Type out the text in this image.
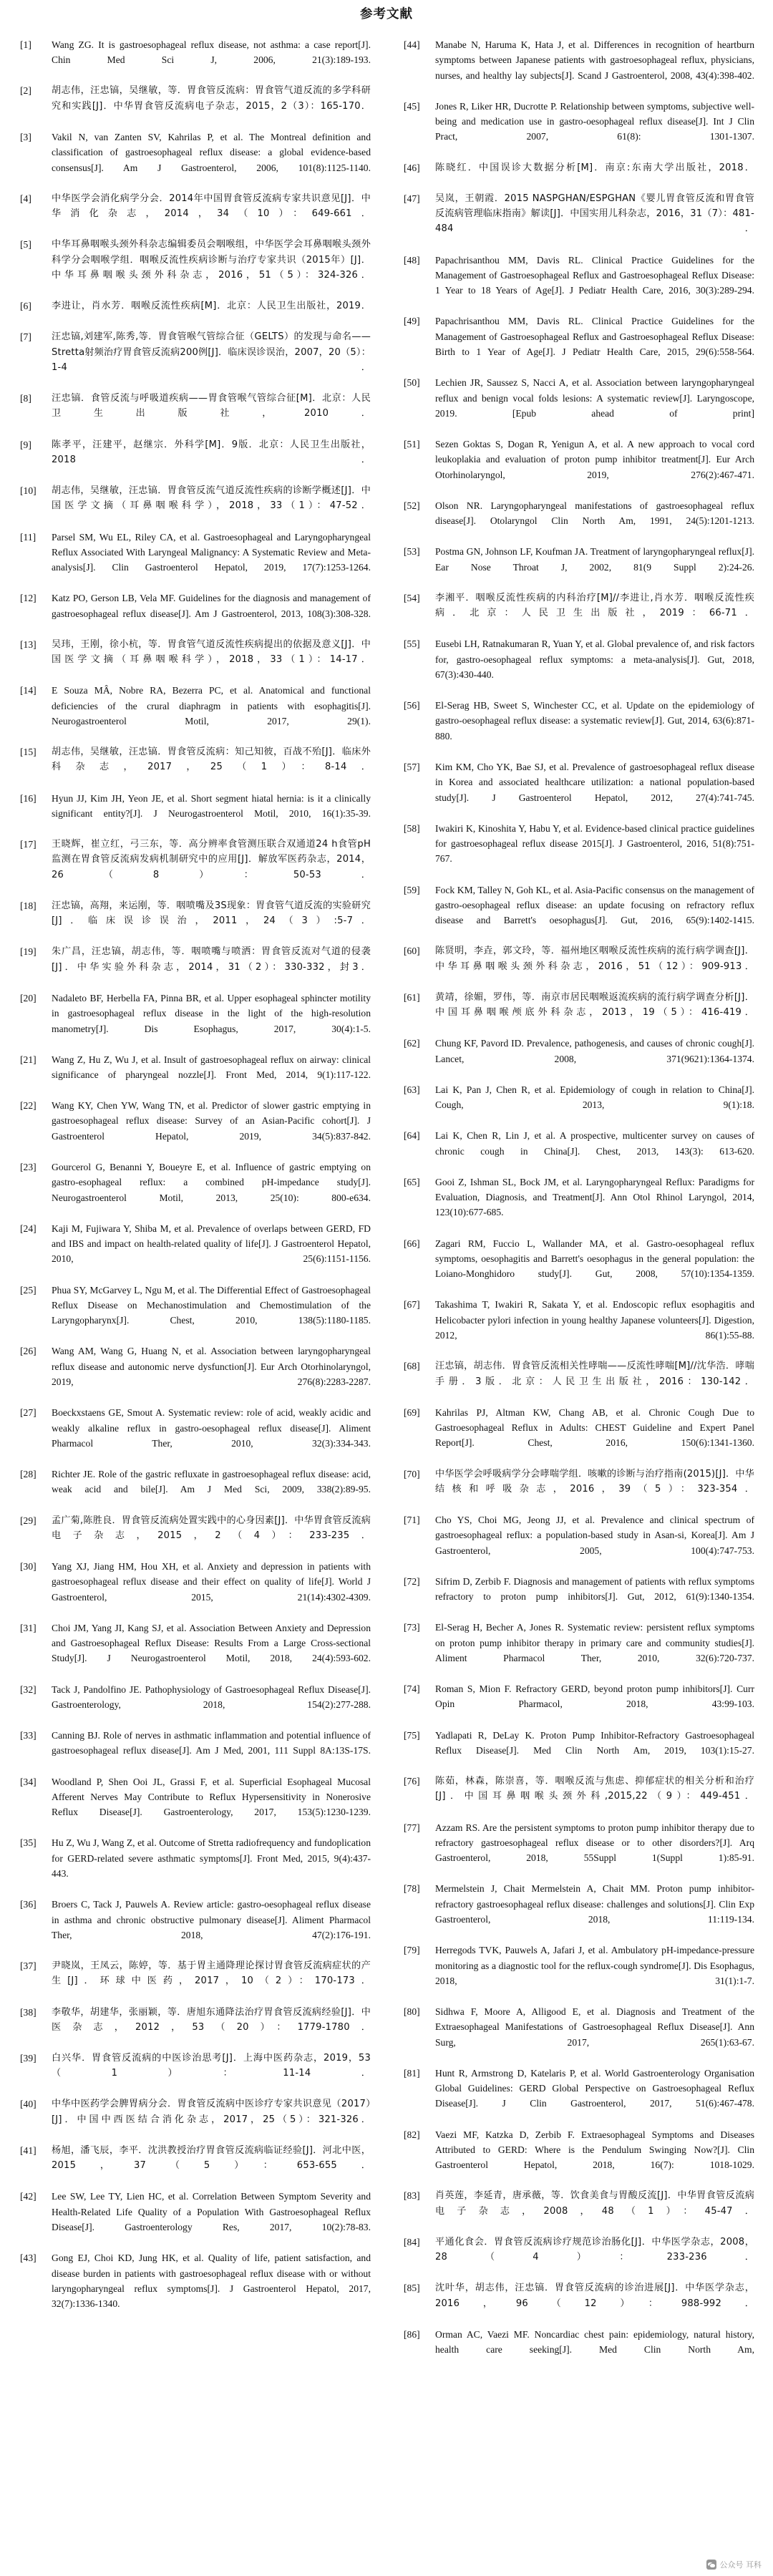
参考文献
[1]	Wang ZG. It is gastroesophageal reflux disease, not asthma: a case report[J]. Chin Med Sci J, 2006, 21(3):189-193.
[2]	胡志伟，汪忠镐，吴继敏，等．胃食管反流病：胃食管气道反流的多学科研究和实践[J]．中华胃食管反流病电子杂志，2015，2（3）：165-170．
[3]	Vakil N, van Zanten SV, Kahrilas P, et al. The Montreal definition and classification of gastroesophageal reflux disease: a global evidence-based consensus[J]. Am J Gastroenterol, 2006, 101(8):1125-1140.
[4]	中华医学会消化病学分会．2014年中国胃食管反流病专家共识意见[J]．中华消化杂志，2014，34（10）：649-661．
[5]	中华耳鼻咽喉头颈外科杂志编辑委员会咽喉组，中华医学会耳鼻咽喉头颈外科学分会咽喉学组．咽喉反流性疾病诊断与治疗专家共识（2015年）[J]．中华耳鼻咽喉头颈外科杂志，2016，51（5）：324-326．
[6]	李进让，肖水芳．咽喉反流性疾病[M]．北京：人民卫生出版社，2019．
[7]	汪忠镐,刘建军,陈秀,等．胃食管喉气管综合征（GELTS）的发现与命名——Stretta射频治疗胃食管反流病200例[J]．临床误诊误治，2007，20（5）：1-4．
[8]	汪忠镐．食管反流与呼吸道疾病——胃食管喉气管综合征[M]．北京：人民卫生出版社，2010．
[9]	陈孝平，汪建平，赵继宗．外科学[M]．9版．北京：人民卫生出版社，2018．
[10]	胡志伟，吴继敏，汪忠镐．胃食管反流气道反流性疾病的诊断学概述[J]．中国医学文摘（耳鼻咽喉科学），2018，33（1）：47-52．
[11]	Parsel SM, Wu EL, Riley CA, et al. Gastroesophageal and Laryngopharyngeal Reflux Associated With Laryngeal Malignancy: A Systematic Review and Meta-analysis[J]. Clin Gastroenterol Hepatol, 2019, 17(7):1253-1264.
[12]	Katz PO, Gerson LB, Vela MF. Guidelines for the diagnosis and management of gastroesophageal reflux disease[J]. Am J Gastroenterol, 2013, 108(3):308-328.
[13]	吴玮，王刚，徐小杭，等．胃食管气道反流性疾病提出的依据及意义[J]．中国医学文摘（耳鼻咽喉科学），2018，33（1）：14-17．
[14]	E Souza MÂ, Nobre RA, Bezerra PC, et al. Anatomical and functional deficiencies of the crural diaphragm in patients with esophagitis[J]. Neurogastroenterol Motil, 2017, 29(1).
[15]	胡志伟，吴继敏，汪忠镐．胃食管反流病：知己知彼，百战不殆[J]．临床外科杂志，2017，25（1）：8-14．
[16]	Hyun JJ, Kim JH, Yeon JE, et al. Short segment hiatal hernia: is it a clinically significant entity?[J]. J Neurogastroenterol Motil, 2010, 16(1):35-39.
[17]	王晓辉，崔立红，弓三东，等．高分辨率食管测压联合双通道24 h食管pH监测在胃食管反流病发病机制研究中的应用[J]．解放军医药杂志，2014，26（8）：50-53．
[18]	汪忠镐，高翔，来运刚，等．咽喷嘴及3S现象：胃食管气道反流的实验研究[J]．临床误诊误治，2011，24（3）:5-7．
[19]	朱广昌，汪忠镐，胡志伟，等．咽喷嘴与喷洒：胃食管反流对气道的侵袭[J]．中华实验外科杂志，2014，31（2）：330-332，封3．
[20]	Nadaleto BF, Herbella FA, Pinna BR, et al. Upper esophageal sphincter motility in gastroesophageal reflux disease in the light of the high-resolution manometry[J]. Dis Esophagus, 2017, 30(4):1-5.
[21]	Wang Z, Hu Z, Wu J, et al. Insult of gastroesophageal reflux on airway: clinical significance of pharyngeal nozzle[J]. Front Med, 2014, 9(1):117-122.
[22]	Wang KY, Chen YW, Wang TN, et al. Predictor of slower gastric emptying in gastroesophageal reflux disease: Survey of an Asian-Pacific cohort[J]. J Gastroenterol Hepatol, 2019, 34(5):837-842.
[23]	Gourcerol G, Benanni Y, Boueyre E, et al. Influence of gastric emptying on gastro-esophageal reflux: a combined pH-impedance study[J]. Neurogastroenterol Motil, 2013, 25(10): 800-e634.
[24]	Kaji M, Fujiwara Y, Shiba M, et al. Prevalence of overlaps between GERD, FD and IBS and impact on health-related quality of life[J]. J Gastroenterol Hepatol, 2010, 25(6):1151-1156.
[25]	Phua SY, McGarvey L, Ngu M, et al. The Differential Effect of Gastroesophageal Reflux Disease on Mechanostimulation and Chemostimulation of the Laryngopharynx[J]. Chest, 2010, 138(5):1180-1185.
[26]	Wang AM, Wang G, Huang N, et al. Association between laryngopharyngeal reflux disease and autonomic nerve dysfunction[J]. Eur Arch Otorhinolaryngol, 2019, 276(8):2283-2287.
[27]	Boeckxstaens GE, Smout A. Systematic review: role of acid, weakly acidic and weakly alkaline reflux in gastro-oesophageal reflux disease[J]. Aliment Pharmacol Ther, 2010, 32(3):334-343.
[28]	Richter JE. Role of the gastric refluxate in gastroesophageal reflux disease: acid, weak acid and bile[J]. Am J Med Sci, 2009, 338(2):89-95.
[29]	孟广菊,陈胜良．胃食管反流病处置实践中的心身因素[J]．中华胃食管反流病电子杂志，2015，2（4）：233-235．
[30]	Yang XJ, Jiang HM, Hou XH, et al. Anxiety and depression in patients with gastroesophageal reflux disease and their effect on quality of life[J]. World J Gastroenterol, 2015, 21(14):4302-4309.
[31]	Choi JM, Yang JI, Kang SJ, et al. Association Between Anxiety and Depression and Gastroesophageal Reflux Disease: Results From a Large Cross-sectional Study[J]. J Neurogastroenterol Motil, 2018, 24(4):593-602.
[32]	Tack J, Pandolfino JE. Pathophysiology of Gastroesophageal Reflux Disease[J]. Gastroenterology, 2018, 154(2):277-288.
[33]	Canning BJ. Role of nerves in asthmatic inflammation and potential influence of gastroesophageal reflux disease[J]. Am J Med, 2001, 111 Suppl 8A:13S-17S.
[34]	Woodland P, Shen Ooi JL, Grassi F, et al. Superficial Esophageal Mucosal Afferent Nerves May Contribute to Reflux Hypersensitivity in Nonerosive Reflux Disease[J]. Gastroenterology, 2017, 153(5):1230-1239.
[35]	Hu Z, Wu J, Wang Z, et al. Outcome of Stretta radiofrequency and fundoplication for GERD-related severe asthmatic symptoms[J]. Front Med, 2015, 9(4):437-443.
[36]	Broers C, Tack J, Pauwels A. Review article: gastro-oesophageal reflux disease in asthma and chronic obstructive pulmonary disease[J]. Aliment Pharmacol Ther, 2018, 47(2):176-191.
[37]	尹晓岚，王凤云，陈婷，等．基于胃主通降理论探讨胃食管反流病症状的产生[J]．环球中医药，2017，10（2）：170-173．
[38]	李敬华，胡建华，张丽颖，等．唐旭东通降法治疗胃食管反流病经验[J]．中医杂志，2012，53（20）：1779-1780．
[39]	白兴华．胃食管反流病的中医诊治思考[J]．上海中医药杂志，2019，53（1）：11-14．
[40]	中华中医药学会脾胃病分会．胃食管反流病中医诊疗专家共识意见（2017）[J]．中国中西医结合消化杂志，2017，25（5）：321-326．
[41]	杨旭，潘飞辰，李平．沈洪教授治疗胃食管反流病临证经验[J]．河北中医，2015，37（5）：653-655．
[42]	Lee SW, Lee TY, Lien HC, et al. Correlation Between Symptom Severity and Health-Related Life Quality of a Population With Gastroesophageal Reflux Disease[J]. Gastroenterology Res, 2017, 10(2):78-83.
[43]	Gong EJ, Choi KD, Jung HK, et al. Quality of life, patient satisfaction, and disease burden in patients with gastroesophageal reflux disease with or without laryngopharyngeal reflux symptoms[J]. J Gastroenterol Hepatol, 2017, 32(7):1336-1340.
[44]	Manabe N, Haruma K, Hata J, et al. Differences in recognition of heartburn symptoms between Japanese patients with gastroesophageal reflux, physicians, nurses, and healthy lay subjects[J]. Scand J Gastroenterol, 2008, 43(4):398-402.
[45]	Jones R, Liker HR, Ducrotte P. Relationship between symptoms, subjective well-being and medication use in gastro-oesophageal reflux disease[J]. Int J Clin Pract, 2007, 61(8): 1301-1307.
[46]	陈晓红．中国误诊大数据分析[M]．南京:东南大学出版社，2018．
[47]	吴岚，王朝霞．2015 NASPGHAN/ESPGHAN《婴儿胃食管反流和胃食管反流病管理临床指南》解读[J]．中国实用儿科杂志，2016，31（7）：481-484．
[48]	Papachrisanthou MM, Davis RL. Clinical Practice Guidelines for the Management of Gastroesophageal Reflux and Gastroesophageal Reflux Disease: 1 Year to 18 Years of Age[J]. J Pediatr Health Care, 2016, 30(3):289-294.
[49]	Papachrisanthou MM, Davis RL. Clinical Practice Guidelines for the Management of Gastroesophageal Reflux and Gastroesophageal Reflux Disease: Birth to 1 Year of Age[J]. J Pediatr Health Care, 2015, 29(6):558-564.
[50]	Lechien JR, Saussez S, Nacci A, et al. Association between laryngopharyngeal reflux and benign vocal folds lesions: A systematic review[J]. Laryngoscope, 2019. [Epub ahead of print]
[51]	Sezen Goktas S, Dogan R, Yenigun A, et al. A new approach to vocal cord leukoplakia and evaluation of proton pump inhibitor treatment[J]. Eur Arch Otorhinolaryngol, 2019, 276(2):467-471.
[52]	Olson NR. Laryngopharyngeal manifestations of gastroesophageal reflux disease[J]. Otolaryngol Clin North Am, 1991, 24(5):1201-1213.
[53]	Postma GN, Johnson LF, Koufman JA. Treatment of laryngopharyngeal reflux[J]. Ear Nose Throat J, 2002, 81(9 Suppl 2):24-26.
[54]	李湘平．咽喉反流性疾病的内科治疗[M]//李进让,肖水芳．咽喉反流性疾病．北京：人民卫生出版社，2019：66-71．
[55]	Eusebi LH, Ratnakumaran R, Yuan Y, et al. Global prevalence of, and risk factors for, gastro-oesophageal reflux symptoms: a meta-analysis[J]. Gut, 2018, 67(3):430-440.
[56]	El-Serag HB, Sweet S, Winchester CC, et al. Update on the epidemiology of gastro-oesophageal reflux disease: a systematic review[J]. Gut, 2014, 63(6):871-880.
[57]	Kim KM, Cho YK, Bae SJ, et al. Prevalence of gastroesophageal reflux disease in Korea and associated healthcare utilization: a national population-based study[J]. J Gastroenterol Hepatol, 2012, 27(4):741-745.
[58]	Iwakiri K, Kinoshita Y, Habu Y, et al. Evidence-based clinical practice guidelines for gastroesophageal reflux disease 2015[J]. J Gastroenterol, 2016, 51(8):751-767.
[59]	Fock KM, Talley N, Goh KL, et al. Asia-Pacific consensus on the management of gastro-oesophageal reflux disease: an update focusing on refractory reflux disease and Barrett's oesophagus[J]. Gut, 2016, 65(9):1402-1415.
[60]	陈贤明，李垚，郭文玲，等．福州地区咽喉反流性疾病的流行病学调查[J]．中华耳鼻咽喉头颈外科杂志，2016，51（12）：909-913．
[61]	黄靖，徐媚，罗伟，等．南京市居民咽喉返流疾病的流行病学调查分析[J]．中国耳鼻咽喉颅底外科杂志，2013，19（5）：416-419．
[62]	Chung KF, Pavord ID. Prevalence, pathogenesis, and causes of chronic cough[J]. Lancet, 2008, 371(9621):1364-1374.
[63]	Lai K, Pan J, Chen R, et al. Epidemiology of cough in relation to China[J]. Cough, 2013, 9(1):18.
[64]	Lai K, Chen R, Lin J, et al. A prospective, multicenter survey on causes of chronic cough in China[J]. Chest, 2013, 143(3): 613-620.
[65]	Gooi Z, Ishman SL, Bock JM, et al. Laryngopharyngeal Reflux: Paradigms for Evaluation, Diagnosis, and Treatment[J]. Ann Otol Rhinol Laryngol, 2014, 123(10):677-685.
[66]	Zagari RM, Fuccio L, Wallander MA, et al. Gastro-oesophageal reflux symptoms, oesophagitis and Barrett's oesophagus in the general population: the Loiano-Monghidoro study[J]. Gut, 2008, 57(10):1354-1359.
[67]	Takashima T, Iwakiri R, Sakata Y, et al. Endoscopic reflux esophagitis and Helicobacter pylori infection in young healthy Japanese volunteers[J]. Digestion, 2012, 86(1):55-88.
[68]	汪忠镐，胡志伟．胃食管反流相关性哮喘——反流性哮喘[M]//沈华浩．哮喘手册．3版．北京：人民卫生出版社，2016：130-142．
[69]	Kahrilas PJ, Altman KW, Chang AB, et al. Chronic Cough Due to Gastroesophageal Reflux in Adults: CHEST Guideline and Expert Panel Report[J]. Chest, 2016, 150(6):1341-1360.
[70]	中华医学会呼吸病学分会哮喘学组．咳嗽的诊断与治疗指南(2015)[J]．中华结核和呼吸杂志，2016，39（5）：323-354．
[71]	Cho YS, Choi MG, Jeong JJ, et al. Prevalence and clinical spectrum of gastroesophageal reflux: a population-based study in Asan-si, Korea[J]. Am J Gastroenterol, 2005, 100(4):747-753.
[72]	Sifrim D, Zerbib F. Diagnosis and management of patients with reflux symptoms refractory to proton pump inhibitors[J]. Gut, 2012, 61(9):1340-1354.
[73]	El-Serag H, Becher A, Jones R. Systematic review: persistent reflux symptoms on proton pump inhibitor therapy in primary care and community studies[J]. Aliment Pharmacol Ther, 2010, 32(6):720-737.
[74]	Roman S, Mion F. Refractory GERD, beyond proton pump inhibitors[J]. Curr Opin Pharmacol, 2018, 43:99-103.
[75]	Yadlapati R, DeLay K. Proton Pump Inhibitor-Refractory Gastroesophageal Reflux Disease[J]. Med Clin North Am, 2019, 103(1):15-27.
[76]	陈茹，林森，陈崇喜，等．咽喉反流与焦虑、抑郁症状的相关分析和治疗[J]．中国耳鼻咽喉头颈外科,2015,22（9）：449-451．
[77]	Azzam RS. Are the persistent symptoms to proton pump inhibitor therapy due to refractory gastroesophageal reflux disease or to other disorders?[J]. Arq Gastroenterol, 2018, 55Suppl 1(Suppl 1):85-91.
[78]	Mermelstein J, Chait Mermelstein A, Chait MM. Proton pump inhibitor-refractory gastroesophageal reflux disease: challenges and solutions[J]. Clin Exp Gastroenterol, 2018, 11:119-134.
[79]	Herregods TVK, Pauwels A, Jafari J, et al. Ambulatory pH-impedance-pressure monitoring as a diagnostic tool for the reflux-cough syndrome[J]. Dis Esophagus, 2018, 31(1):1-7.
[80]	Sidhwa F, Moore A, Alligood E, et al. Diagnosis and Treatment of the Extraesophageal Manifestations of Gastroesophageal Reflux Disease[J]. Ann Surg, 2017, 265(1):63-67.
[81]	Hunt R, Armstrong D, Katelaris P, et al. World Gastroenterology Organisation Global Guidelines: GERD Global Perspective on Gastroesophageal Reflux Disease[J]. J Clin Gastroenterol, 2017, 51(6):467-478.
[82]	Vaezi MF, Katzka D, Zerbib F. Extraesophageal Symptoms and Diseases Attributed to GERD: Where is the Pendulum Swinging Now?[J]. Clin Gastroenterol Hepatol, 2018, 16(7): 1018-1029.
[83]	肖英莲，李延青，唐承薇，等．饮食美食与胃酸反流[J]．中华胃食管反流病电子杂志，2008，48（1）：45-47．
[84]	平通化食会．胃食管反流病诊疗规范诊治肠化[J]．中华医学杂志，2008，28（4）：233-236．
[85]	沈叶华，胡志伟，汪忠镐．胃食管反流病的诊治进展[J]．中华医学杂志，2016，96（12）：988-992．
[86]	Orman AC, Vaezi MF. Noncardiac chest pain: epidemiology, natural history, health care seeking[J]. Med Clin North Am,
公众号 耳科
